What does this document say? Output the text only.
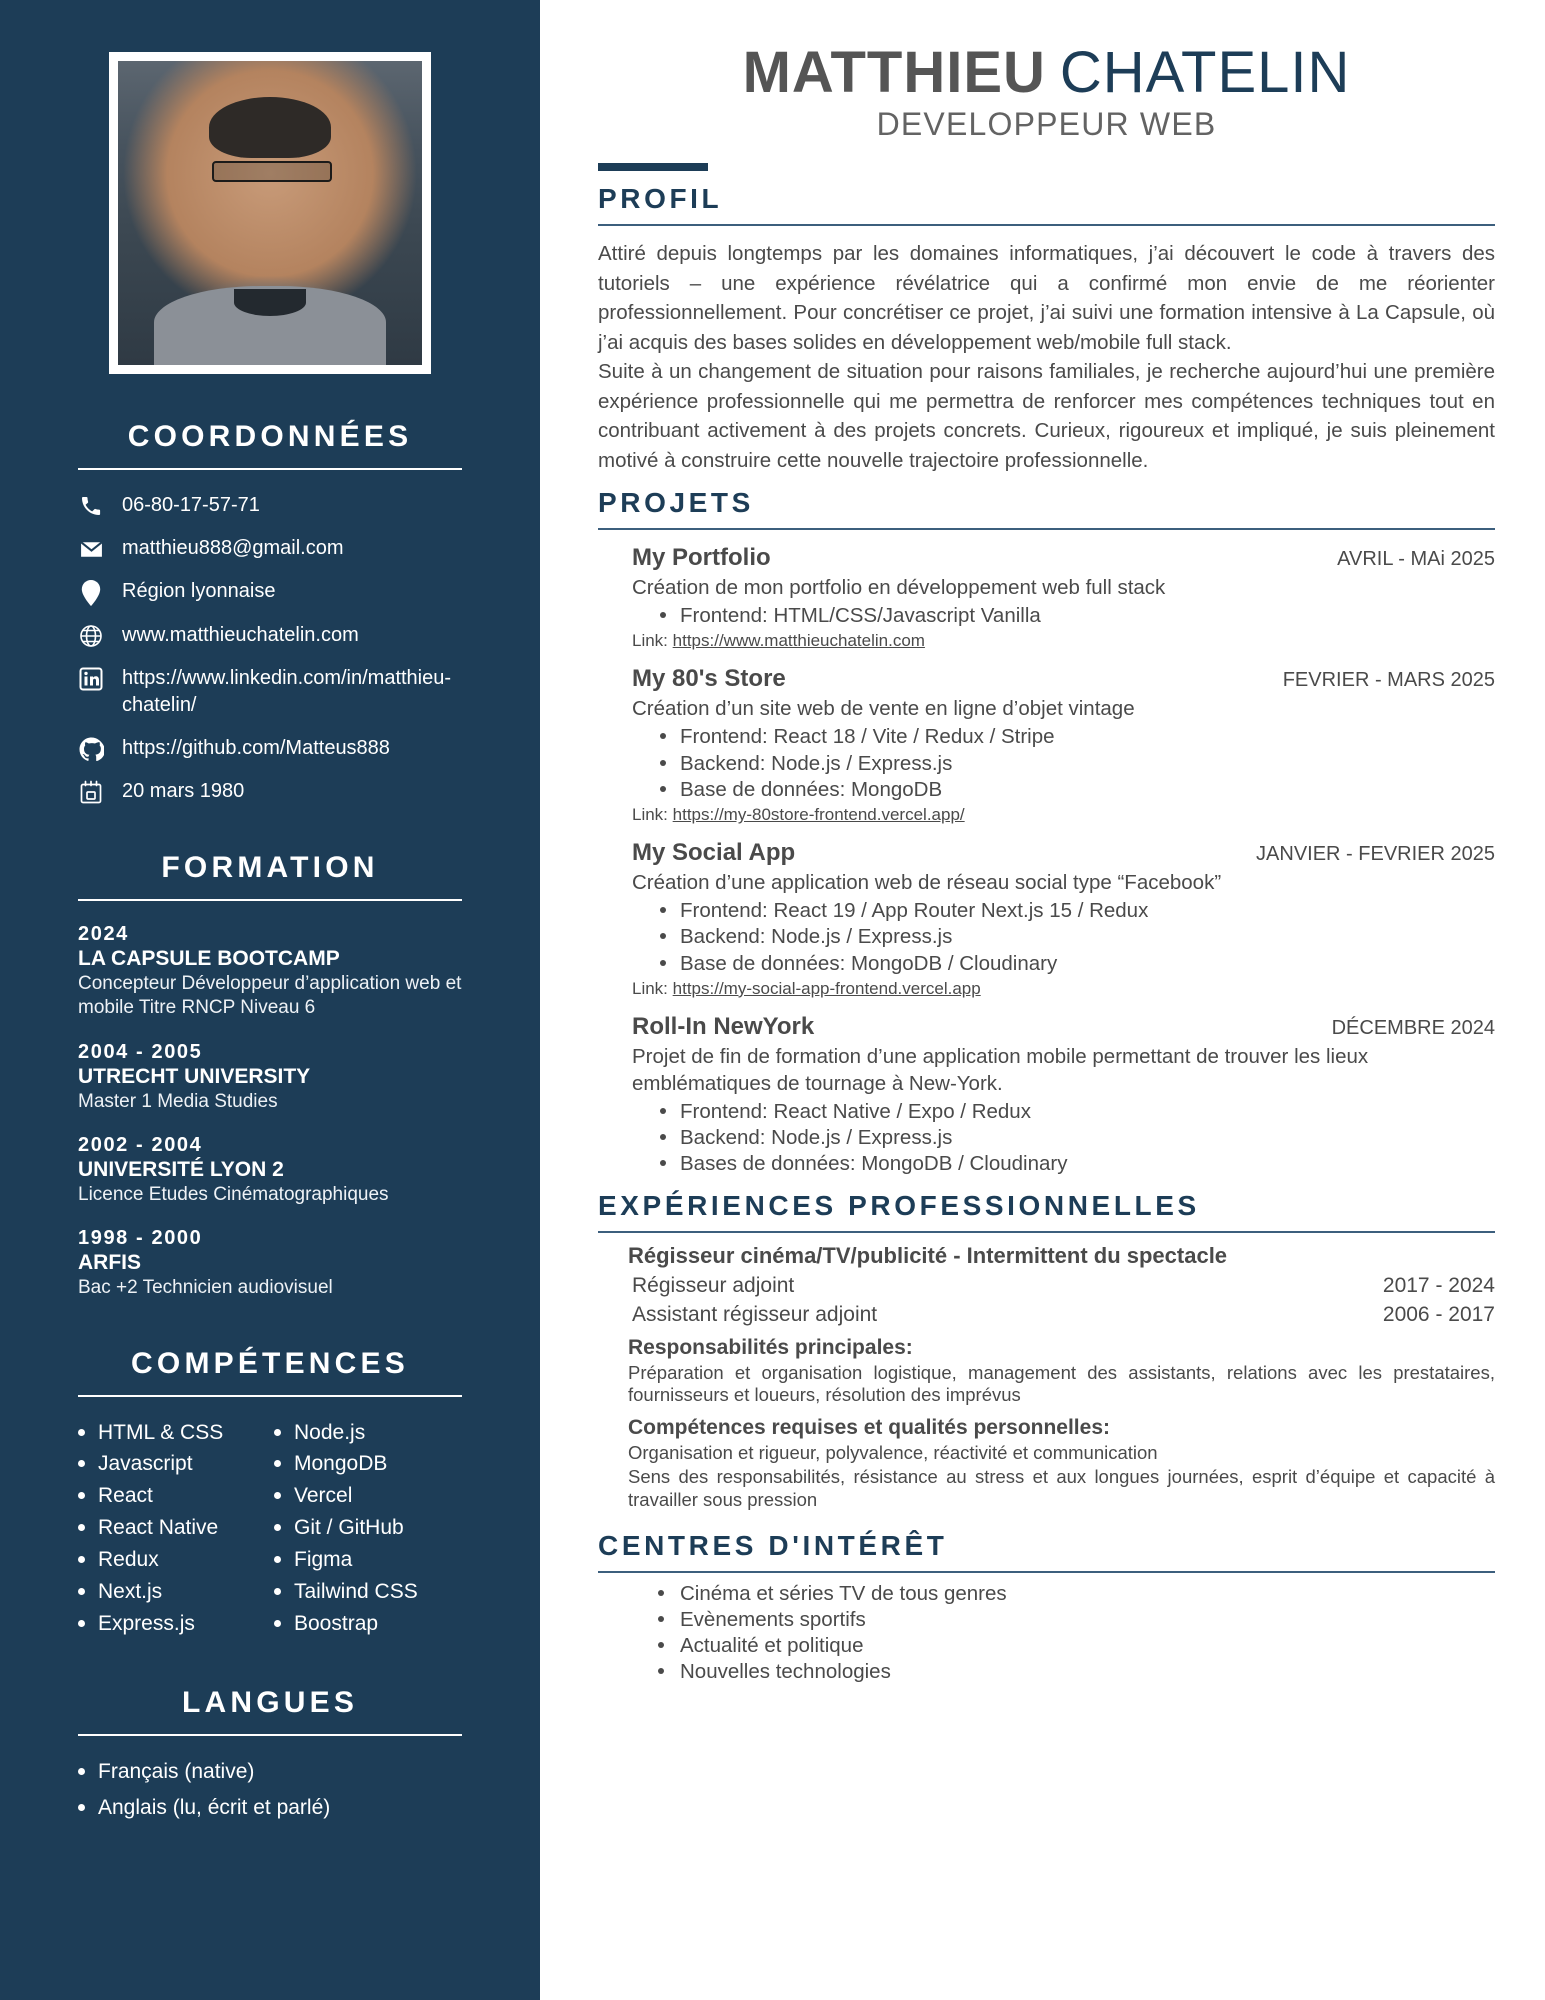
COORDONNÉES
06-80-17-57-71
matthieu888@gmail.com
Région lyonnaise
www.matthieuchatelin.com
https://www.linkedin.com/in/matthieu-chatelin/
https://github.com/Matteus888
20 mars 1980
FORMATION
2024
LA CAPSULE BOOTCAMP
Concepteur Développeur d’application web et mobile Titre RNCP Niveau 6
2004 - 2005
UTRECHT UNIVERSITY
Master 1 Media Studies
2002 - 2004
UNIVERSITÉ LYON 2
Licence Etudes Cinématographiques
1998 - 2000
ARFIS
Bac +2 Technicien audiovisuel
COMPÉTENCES
HTML & CSS	Node.js
Javascript	MongoDB
React	Vercel
React Native	Git / GitHub
Redux	Figma
Next.js	Tailwind CSS
Express.js	Boostrap
LANGUES
Français (native)
Anglais (lu, écrit et parlé)
MATTHIEU CHATELIN
DEVELOPPEUR WEB
PROFIL

Attiré depuis longtemps par les domaines informatiques, j’ai découvert le code à travers des tutoriels – une expérience révélatrice qui a confirmé mon envie de me réorienter professionnellement. Pour concrétiser ce projet, j’ai suivi une formation intensive à La Capsule, où j’ai acquis des bases solides en développement web/mobile full stack.

Suite à un changement de situation pour raisons familiales, je recherche aujourd’hui une première expérience professionnelle qui me permettra de renforcer mes compétences techniques tout en contribuant activement à des projets concrets. Curieux, rigoureux et impliqué, je suis pleinement motivé à construire cette nouvelle trajectoire professionnelle.

PROJETS
My Portfolio	AVRIL - MAi 2025
Création de mon portfolio en développement web full stack
Frontend: HTML/CSS/Javascript Vanilla
Link: https://www.matthieuchatelin.com
My 80's Store	FEVRIER - MARS 2025
Création d’un site web de vente en ligne d’objet vintage
Frontend: React 18 / Vite / Redux / Stripe
Backend: Node.js / Express.js
Base de données: MongoDB
Link: https://my-80store-frontend.vercel.app/
My Social App	JANVIER - FEVRIER 2025
Création d’une application web de réseau social type “Facebook”
Frontend: React 19 / App Router Next.js 15 / Redux
Backend: Node.js / Express.js
Base de données: MongoDB / Cloudinary
Link: https://my-social-app-frontend.vercel.app
Roll-In NewYork	DÉCEMBRE 2024
Projet de fin de formation d’une application mobile permettant de trouver les lieux emblématiques de tournage à New-York.
Frontend: React Native / Expo / Redux
Backend: Node.js / Express.js
Bases de données: MongoDB / Cloudinary
EXPÉRIENCES PROFESSIONNELLES
Régisseur cinéma/TV/publicité - Intermittent du spectacle
Régisseur adjoint	2017 - 2024
Assistant régisseur adjoint	2006 - 2017
Responsabilités principales:
Préparation et organisation logistique, management des assistants, relations avec les prestataires, fournisseurs et loueurs, résolution des imprévus
Compétences requises et qualités personnelles:
Organisation et rigueur, polyvalence, réactivité et communication
Sens des responsabilités, résistance au stress et aux longues journées, esprit d’équipe et capacité à travailler sous pression
CENTRES D'INTÉRÊT
Cinéma et séries TV de tous genres
Evènements sportifs
Actualité et politique
Nouvelles technologies
